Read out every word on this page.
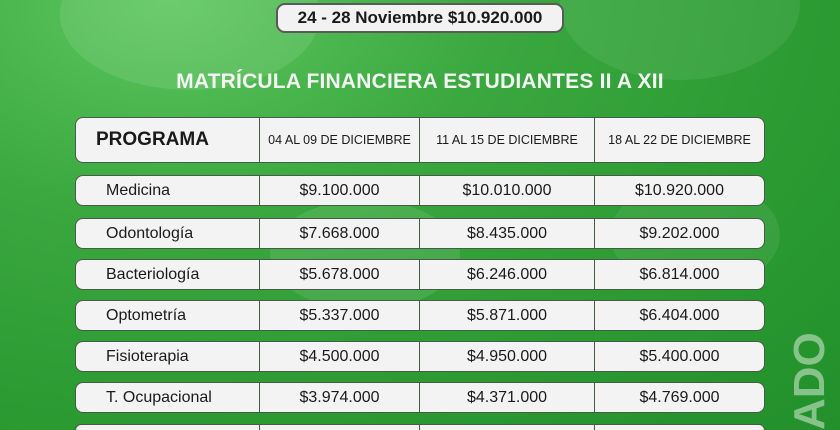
24 - 28 Noviembre $10.920.000
MATRÍCULA FINANCIERA ESTUDIANTES II A XII
PROGRAMA	04 AL 09 DE DICIEMBRE	11 AL 15 DE DICIEMBRE	18 AL 22 DE DICIEMBRE
Medicina	$9.100.000	$10.010.000	$10.920.000
Odontología	$7.668.000	$8.435.000	$9.202.000
Bacteriología	$5.678.000	$6.246.000	$6.814.000
Optometría	$5.337.000	$5.871.000	$6.404.000
Fisioterapia	$4.500.000	$4.950.000	$5.400.000
T. Ocupacional	$3.974.000	$4.371.000	$4.769.000	ADO
